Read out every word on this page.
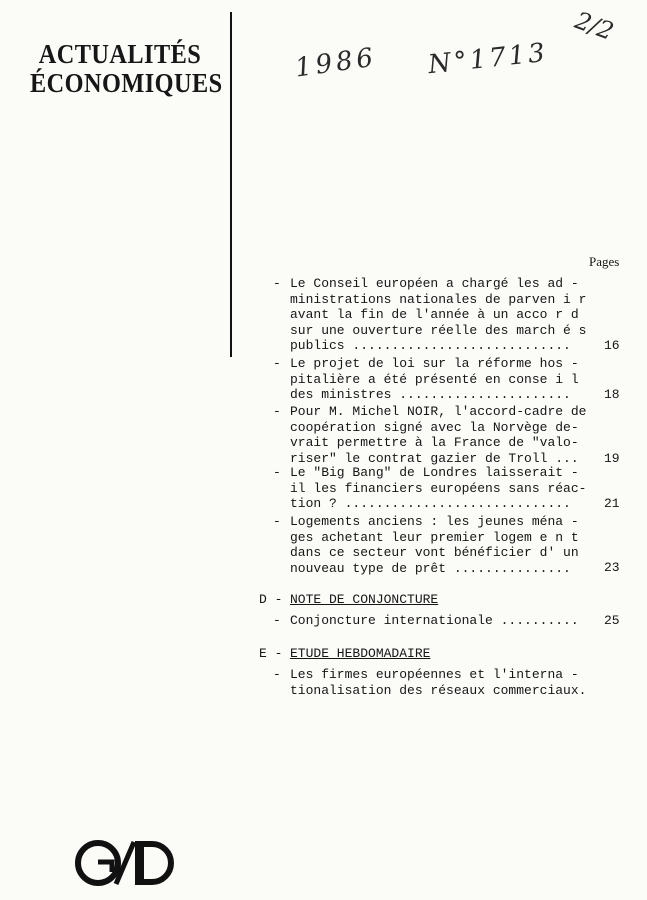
ACTUALITÉS
ÉCONOMIQUES	1986 N°1713
2/2
Pages
- Le Conseil européen a chargé les ad -
ministrations nationales de parven i r
avant la fin de l'année à un acco r d
sur une ouverture réelle des march é s
publics ............................	16
- Le projet de loi sur la réforme hos -
pitalière a été présenté en conse i l
des ministres ......................	18
- Pour M. Michel NOIR, l'accord-cadre de
coopération signé avec la Norvège de-
vrait permettre à la France de "valo-
riser" le contrat gazier de Troll ...	19
- Le "Big Bang" de Londres laisserait -
il les financiers européens sans réac-
tion ? .............................	21
- Logements anciens : les jeunes ména -
ges achetant leur premier logem e n t
dans ce secteur vont bénéficier d' un
nouveau type de prêt ...............	23
D - NOTE DE CONJONCTURE
- Conjoncture internationale .......... 25
E - ETUDE HEBDOMADAIRE
- Les firmes européennes et l'interna -
tionalisation des réseaux commerciaux.
